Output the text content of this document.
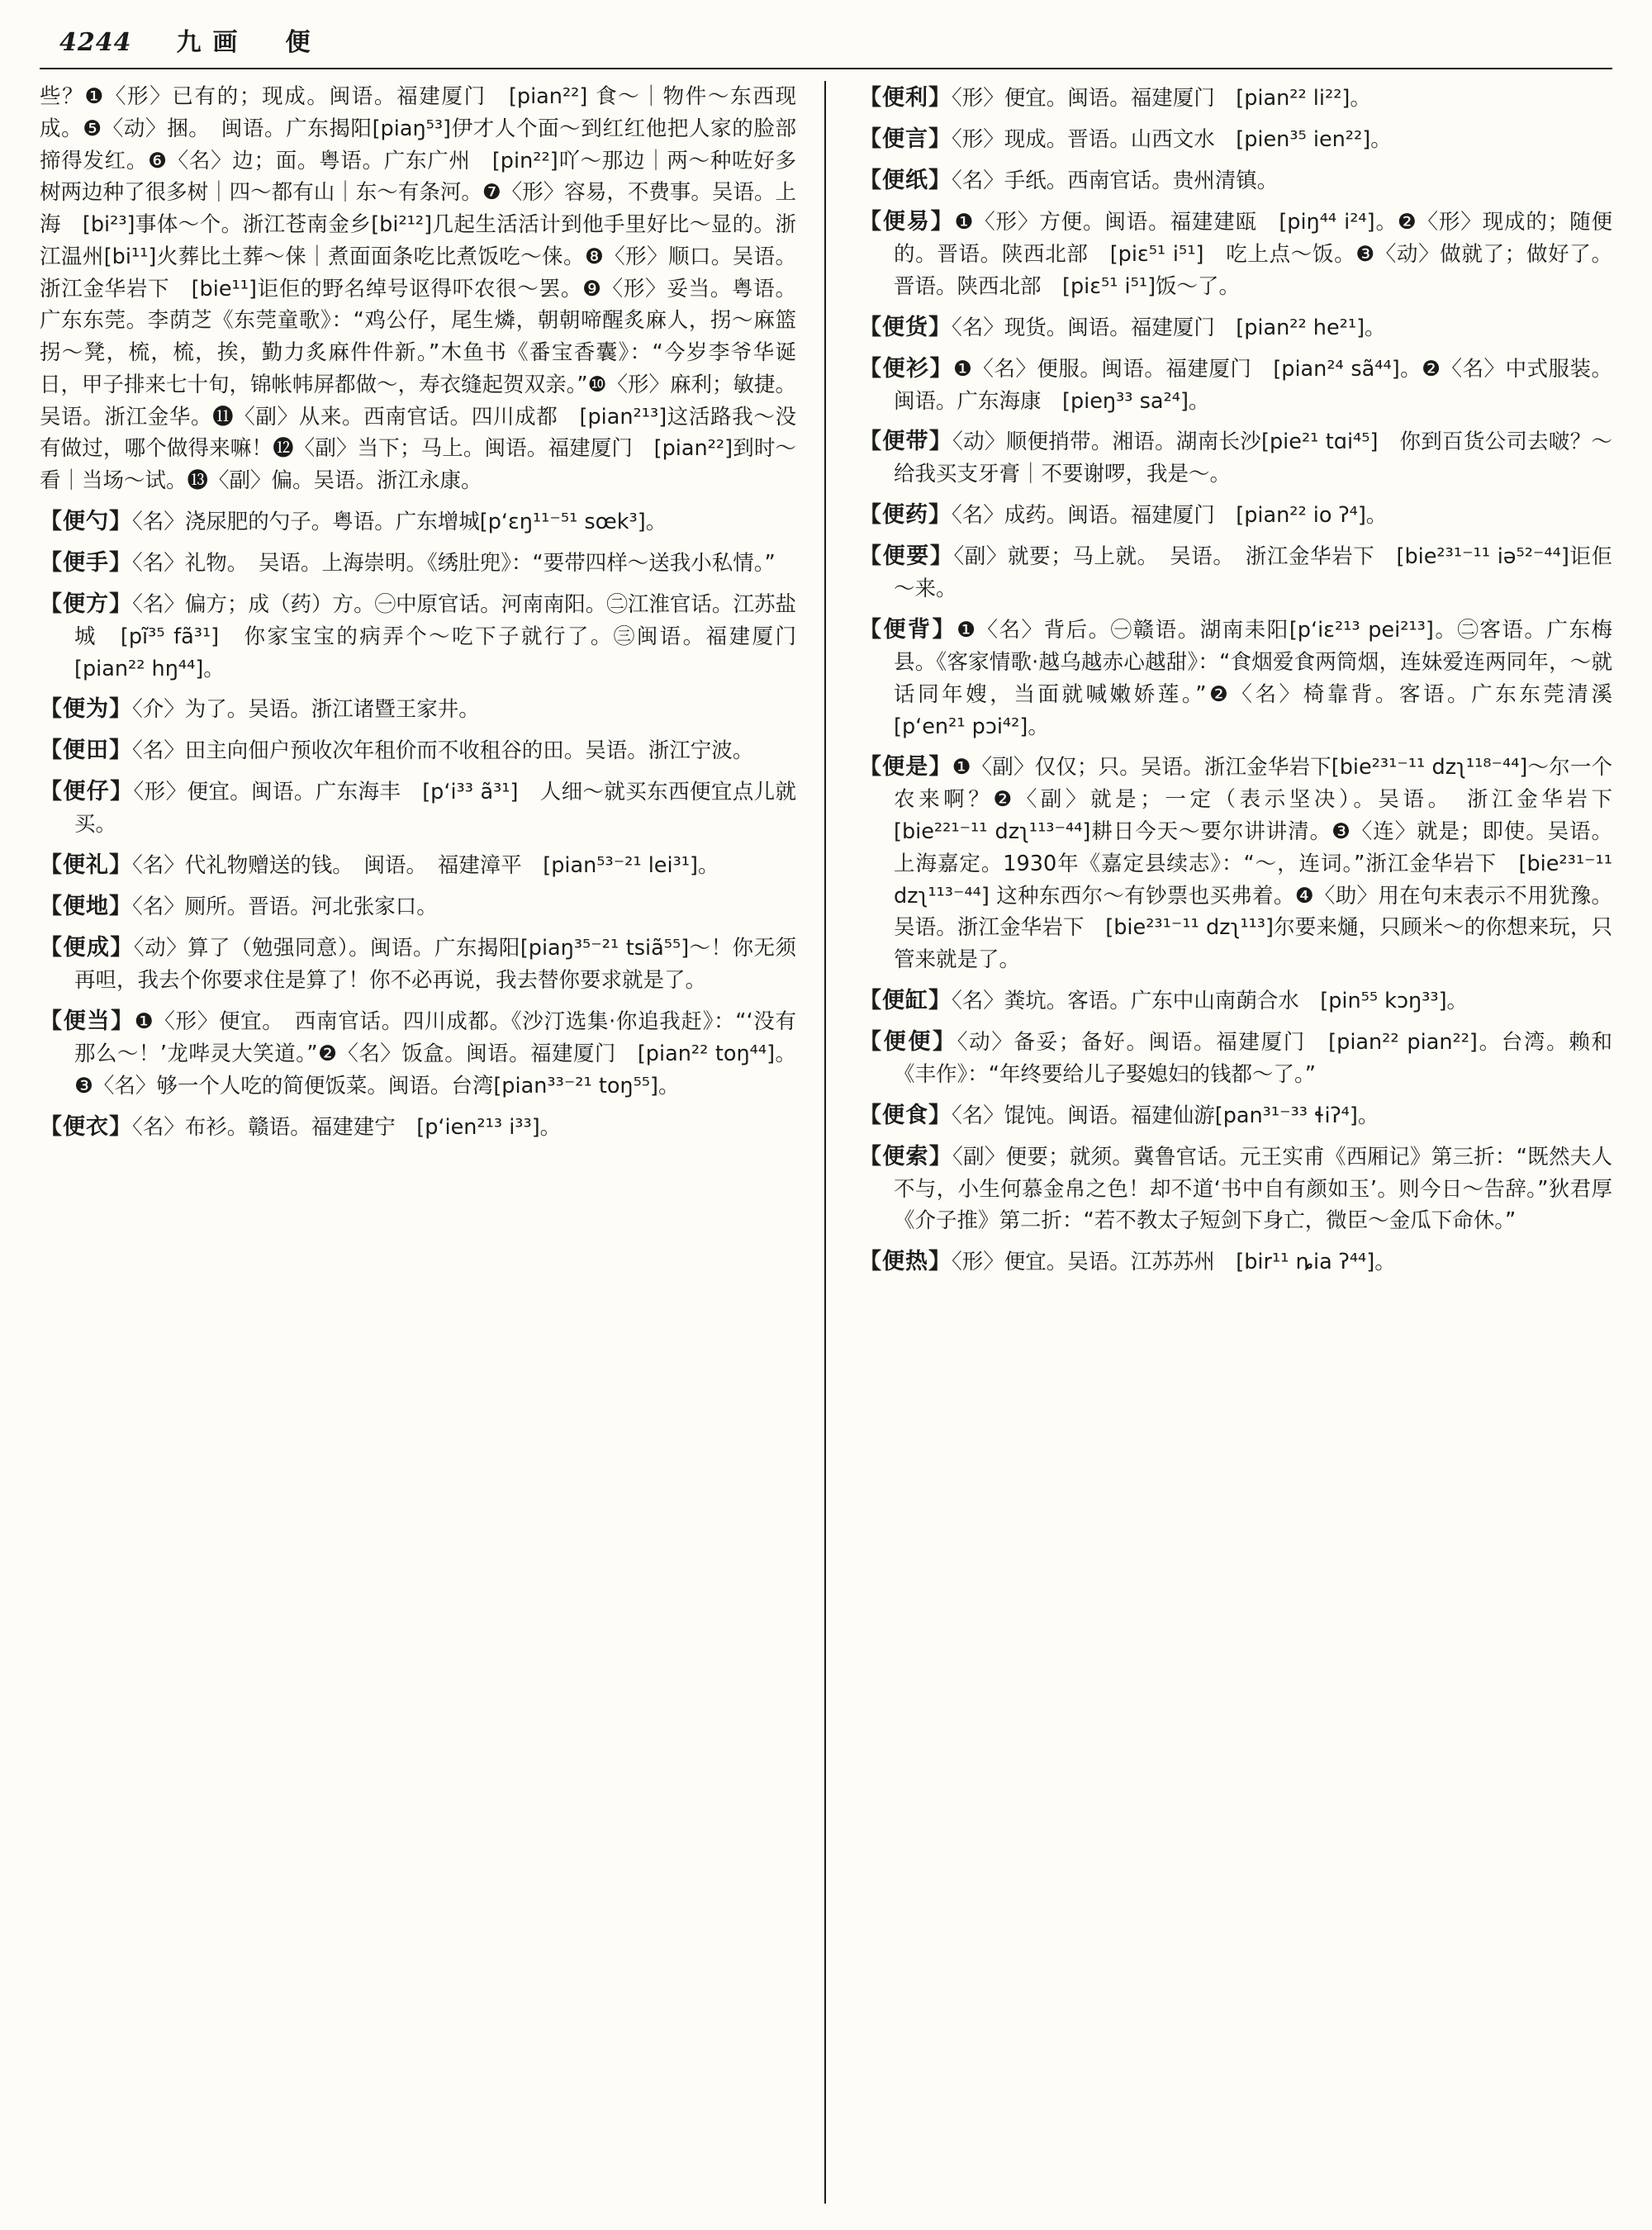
4244 九画　便
些？❶〈形〉已有的；现成。闽语。福建厦门　[pian²²] 食～｜物件～东西现成。❺〈动〉捆。　闽语。广东揭阳[piaŋ⁵³]伊才人个面～到红红他把人家的脸部揥得发红。❻〈名〉边；面。粤语。广东广州　[pin²²]吖～那边｜两～种咗好多树两边种了很多树｜四～都有山｜东～有条河。❼〈形〉容易，不费事。吴语。上海　[bi²³]事体～个。浙江苍南金乡[bi²¹²]几起生活活计到他手里好比～显的。浙江温州[bi¹¹]火葬比土葬～俫｜煮面面条吃比煮饭吃～俫。❽〈形〉顺口。吴语。浙江金华岩下　[bie¹¹]讵佢的野名绰号讴得吓农很～罢。❾〈形〉妥当。粤语。广东东莞。李荫芝《东莞童歌》：“鸡公仔，尾生燐，朝朝啼醒炙麻人，拐～麻篮拐～凳，梳，梳，挨，勤力炙麻件件新。”木鱼书《番宝香囊》：“今岁李爷华诞日，甲子排来七十旬，锦帐帏屏都做～，寿衣缝起贺双亲。”❿〈形〉麻利；敏捷。吴语。浙江金华。⓫〈副〉从来。西南官话。四川成都　[pian²¹³]这活路我～没有做过，哪个做得来嘛！⓬〈副〉当下；马上。闽语。福建厦门　[pian²²]到时～看｜当场～试。⓭〈副〉偏。吴语。浙江永康。
【便勺】〈名〉浇尿肥的勺子。粤语。广东增城[pʻɛŋ¹¹⁻⁵¹ sœk³]。
【便手】〈名〉礼物。　吴语。上海崇明。《绣肚兜》：“要带四样～送我小私情。”
【便方】〈名〉偏方；成（药）方。㊀中原官话。河南南阳。㊁江淮官话。江苏盐城　[pĩ³⁵ fã³¹]　你家宝宝的病弄个～吃下子就行了。㊂闽语。福建厦门　[pian²² hŋ⁴⁴]。
【便为】〈介〉为了。吴语。浙江诸暨王家井。
【便田】〈名〉田主向佃户预收次年租价而不收租谷的田。吴语。浙江宁波。
【便仔】〈形〉便宜。闽语。广东海丰　[pʻi³³ ã³¹]　人细～就买东西便宜点儿就买。
【便礼】〈名〉代礼物赠送的钱。　闽语。　福建漳平　[pian⁵³⁻²¹ lei³¹]。
【便地】〈名〉厕所。晋语。河北张家口。
【便成】〈动〉算了（勉强同意）。闽语。广东揭阳[piaŋ³⁵⁻²¹ tsiã⁵⁵]～！你无须再呾，我去个你要求住是算了！你不必再说，我去替你要求就是了。
【便当】❶〈形〉便宜。　西南官话。四川成都。《沙汀选集·你追我赶》：“‘没有那么～！’龙哔灵大笑道。”❷〈名〉饭盒。闽语。福建厦门　[pian²² toŋ⁴⁴]。❸〈名〉够一个人吃的简便饭菜。闽语。台湾[pian³³⁻²¹ toŋ⁵⁵]。
【便衣】〈名〉布衫。赣语。福建建宁　[pʻien²¹³ i³³]。
【便利】〈形〉便宜。闽语。福建厦门　[pian²² li²²]。
【便言】〈形〉现成。晋语。山西文水　[pien³⁵ ien²²]。
【便纸】〈名〉手纸。西南官话。贵州清镇。
【便易】❶〈形〉方便。闽语。福建建瓯　[piŋ⁴⁴ i²⁴]。❷〈形〉现成的；随便的。晋语。陕西北部　[piɛ⁵¹ i⁵¹]　吃上点～饭。❸〈动〉做就了；做好了。晋语。陕西北部　[piɛ⁵¹ i⁵¹]饭～了。
【便货】〈名〉现货。闽语。福建厦门　[pian²² he²¹]。
【便衫】❶〈名〉便服。闽语。福建厦门　[pian²⁴ sã⁴⁴]。❷〈名〉中式服装。闽语。广东海康　[pieŋ³³ sa²⁴]。
【便带】〈动〉顺便捎带。湘语。湖南长沙[pie²¹ tɑi⁴⁵]　你到百货公司去啵？～给我买支牙膏｜不要谢啰，我是～。
【便药】〈名〉成药。闽语。福建厦门　[pian²² io ʔ⁴]。
【便要】〈副〉就要；马上就。　吴语。　浙江金华岩下　[bie²³¹⁻¹¹ iə⁵²⁻⁴⁴]讵佢～来。
【便背】❶〈名〉背后。㊀赣语。湖南耒阳[pʻiɛ²¹³ pei²¹³]。㊁客语。广东梅县。《客家情歌·越乌越赤心越甜》：“食烟爱食两筒烟，连妹爱连两同年，～就话同年嫂，当面就喊嫩娇莲。”❷〈名〉椅靠背。客语。广东东莞清溪　[pʻen²¹ pɔi⁴²]。
【便是】❶〈副〉仅仅；只。吴语。浙江金华岩下[bie²³¹⁻¹¹ dzʅ¹¹⁸⁻⁴⁴]～尔一个农来啊？❷〈副〉就是；一定（表示坚决）。吴语。　浙江金华岩下　[bie²²¹⁻¹¹ dzʅ¹¹³⁻⁴⁴]耕日今天～要尔讲讲清。❸〈连〉就是；即使。吴语。上海嘉定。1930年《嘉定县续志》：“～，连词。”浙江金华岩下　[bie²³¹⁻¹¹ dzʅ¹¹³⁻⁴⁴] 这种东西尔～有钞票也买弗着。❹〈助〉用在句末表示不用犹豫。吴语。浙江金华岩下　[bie²³¹⁻¹¹ dzʅ¹¹³]尔要来熥，只顾米～的你想来玩，只管来就是了。
【便缸】〈名〉粪坑。客语。广东中山南蓢合水　[pin⁵⁵ kɔŋ³³]。
【便便】〈动〉备妥；备好。闽语。福建厦门　[pian²² pian²²]。台湾。赖和《丰作》：“年终要给儿子娶媳妇的钱都～了。”
【便食】〈名〉馄饨。闽语。福建仙游[pan³¹⁻³³ ɬiʔ⁴]。
【便索】〈副〉便要；就须。冀鲁官话。元王实甫《西厢记》第三折：“既然夫人不与，小生何慕金帛之色！却不道‘书中自有颜如玉’。则今日～告辞。”狄君厚《介子推》第二折：“若不教太子短剑下身亡，微臣～金瓜下命休。”
【便热】〈形〉便宜。吴语。江苏苏州　[bir¹¹ ȵia ʔ⁴⁴]。
